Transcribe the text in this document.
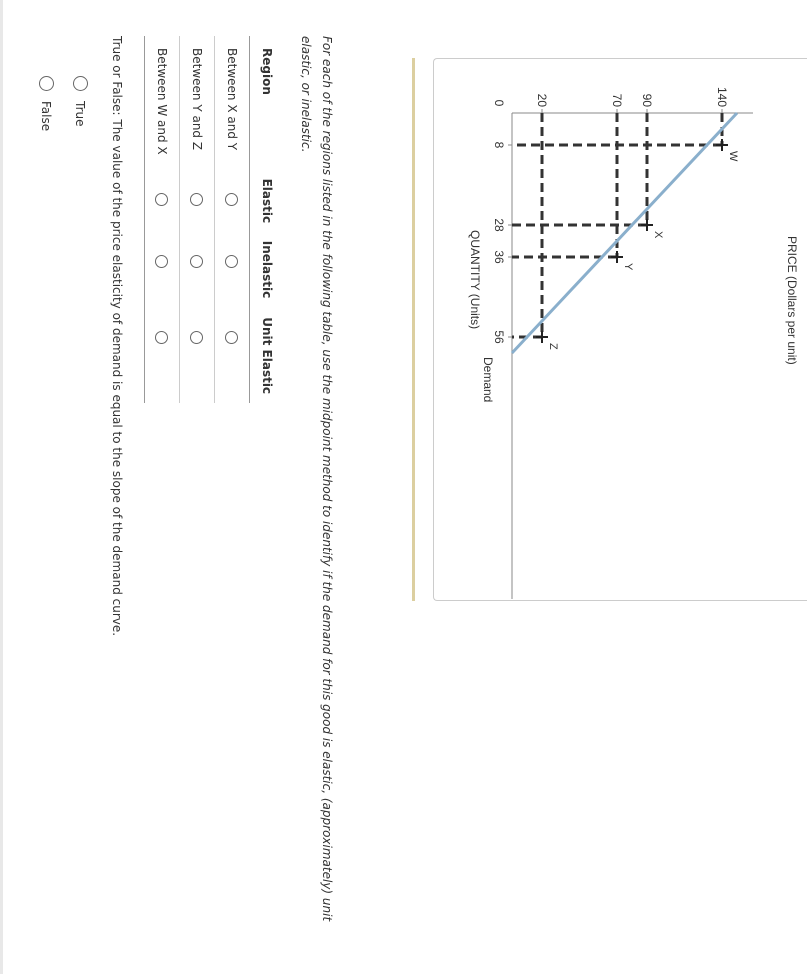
PRICE (Dollars per unit)
0
QUANTITY (Units)
W
X
Y
Z
20	70 90	140
8
28
36
56
Demand

For each of the regions listed in the following table, use the midpoint method to identify if the demand for this good is elastic, (approximately) unit elastic, or inelastic.

Region	Elastic	Inelastic	Unit Elastic
Between X and Y			
Between Y and Z			
Between W and X			

True or False: The value of the price elasticity of demand is equal to the slope of the demand curve.

True
False
